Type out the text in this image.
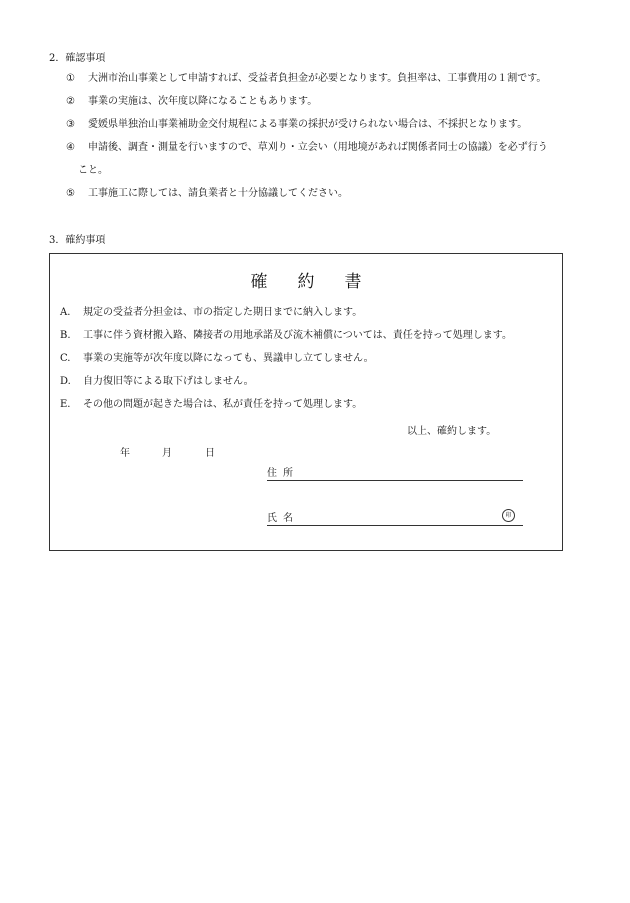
2．確認事項
①	大洲市治山事業として申請すれば、受益者負担金が必要となります。負担率は、工事費用の１割です。
②	事業の実施は、次年度以降になることもあります。
③	愛媛県単独治山事業補助金交付規程による事業の採択が受けられない場合は、不採択となります。
④	申請後、調査・測量を行いますので、草刈り・立会い（用地境があれば関係者同士の協議）を必ず行う
こと。
⑤	工事施工に際しては、請負業者と十分協議してください。
3．確約事項
確約書
A.	規定の受益者分担金は、市の指定した期日までに納入します。
B.	工事に伴う資材搬入路、隣接者の用地承諾及び流木補償については、責任を持って処理します。
C.	事業の実施等が次年度以降になっても、異議申し立てしません。
D.	自力復旧等による取下げはしません。
E.	その他の問題が起きた場合は、私が責任を持って処理します。
以上、確約します。
年	月	日
住所
氏名	印
